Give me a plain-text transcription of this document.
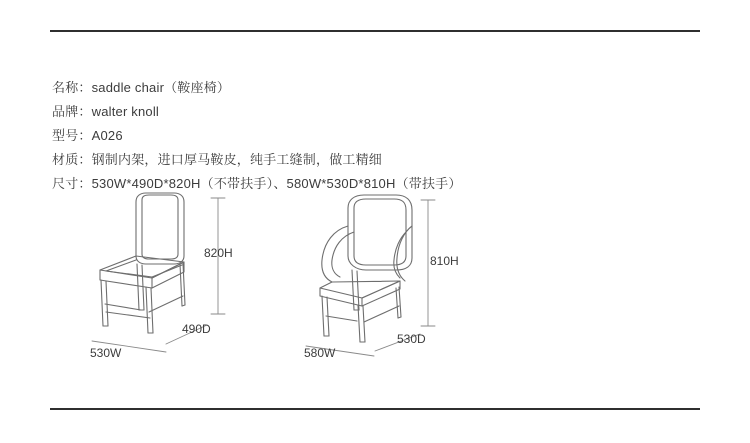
名称：saddle chair（鞍座椅）
品牌：walter knoll
型号：A026
材质：钢制内架，进口厚马鞍皮，纯手工缝制，做工精细
尺寸：530W*490D*820H（不带扶手）、580W*530D*810H（带扶手）
820H
490D
530W
810H
530D
580W
